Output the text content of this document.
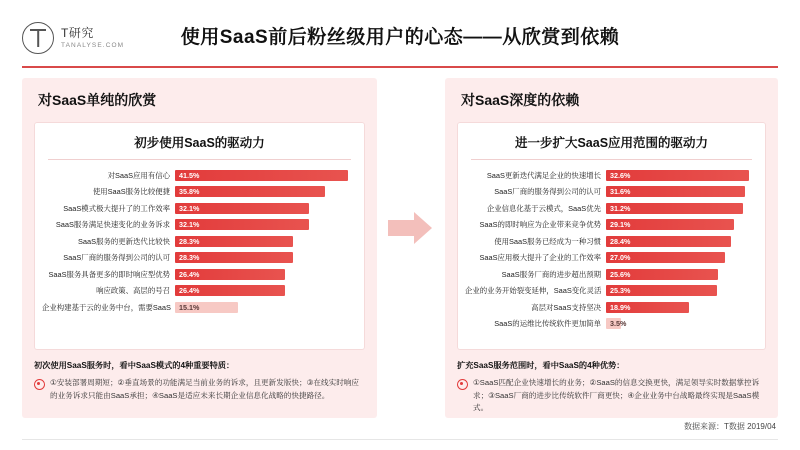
T研究
TANALYSE.COM	使用SaaS前后粉丝级用户的心态——从欣赏到依赖
对SaaS单纯的欣赏
初步使用SaaS的驱动力
对SaaS应用有信心	41.5%
使用SaaS服务比较便捷	35.8%
SaaS模式极大提升了的工作效率	32.1%
SaaS服务满足快速变化的业务诉求	32.1%
SaaS服务的更新迭代比较快	28.3%
SaaS厂商的服务得到公司的认可	28.3%
SaaS服务具备更多的即时响应型优势	26.4%
响应政策、高层的号召	26.4%
企业构建基于云的业务中台，需要SaaS	15.1%
初次使用SaaS服务时，看中SaaS模式的4种重要特质：
①安装部署周期短；②垂直场景的功能满足当前业务的诉求，且更新发版快；③在线实时响应的业务诉求只能由SaaS承担；④SaaS是适应未来长期企业信息化战略的快捷路径。
对SaaS深度的依赖
进一步扩大SaaS应用范围的驱动力
SaaS更新迭代满足企业的快速增长	32.6%
SaaS厂商的服务得到公司的认可	31.6%
企业信息化基于云模式，SaaS优先	31.2%
SaaS的即时响应为企业带来竞争优势	29.1%
使用SaaS服务已经成为一种习惯	28.4%
SaaS应用极大提升了企业的工作效率	27.0%
SaaS服务厂商的进步超出预期	25.6%
企业的业务开始裂变延伸，SaaS变化灵活	25.3%
高层对SaaS支持坚决	18.9%
SaaS的运维比传统软件更加简单	3.5%
扩充SaaS服务范围时，看中SaaS的4种优势：
①SaaS匹配企业快速增长的业务；②SaaS的信息交换更快，满足领导实时数据掌控诉求；③SaaS厂商的进步比传统软件厂商更快；④企业业务中台战略最终实现是SaaS模式。
数据来源：T数据 2019/04
